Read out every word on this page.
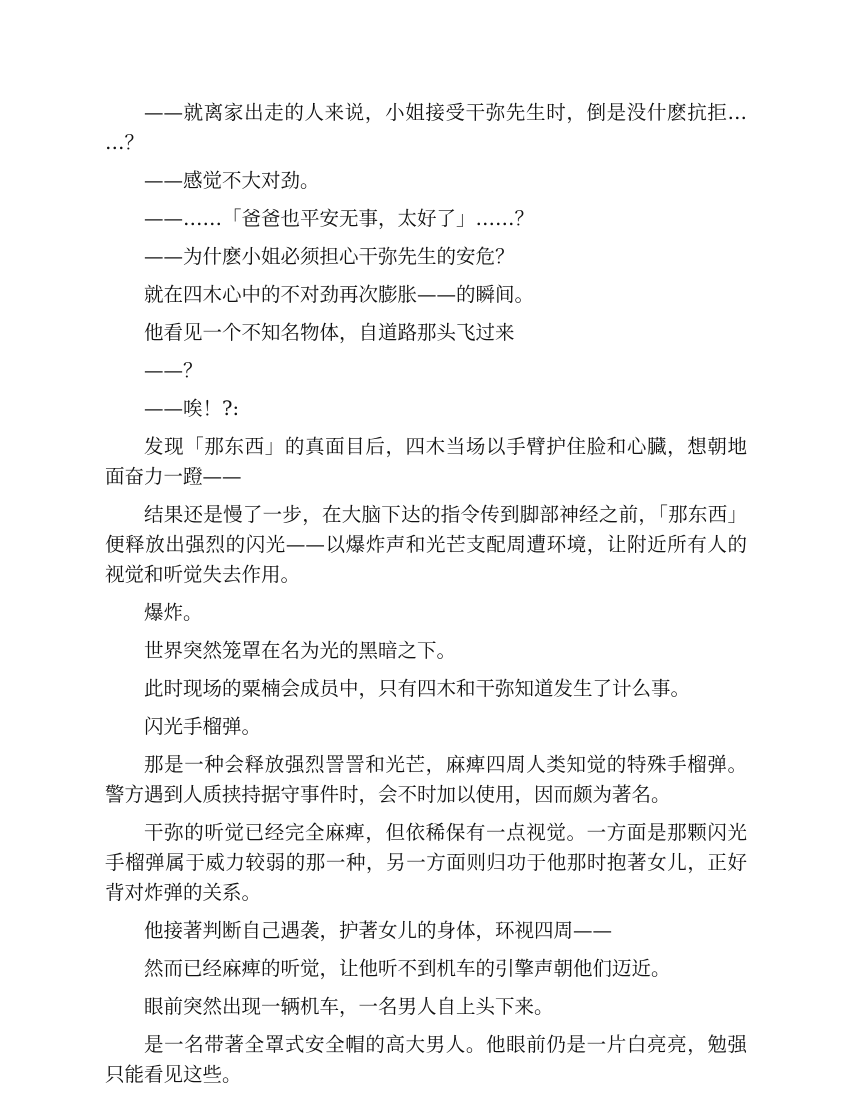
——就离家出走的人来说，小姐接受干弥先生时，倒是没什麽抗拒……？

——感觉不大对劲。

——……「爸爸也平安无事，太好了」……？

——为什麽小姐必须担心干弥先生的安危？

就在四木心中的不对劲再次膨胀——的瞬间。

他看见一个不知名物体，自道路那头飞过来

——？

——唉！?:

发现「那东西」的真面目后，四木当场以手臂护住脸和心臓，想朝地面奋力一蹬——

结果还是慢了一步，在大脑下达的指令传到脚部神经之前，「那东西」便释放出强烈的闪光——以爆炸声和光芒支配周遭环境，让附近所有人的视觉和听觉失去作用。

爆炸。

世界突然笼罩在名为光的黑暗之下。

此时现场的粟楠会成员中，只有四木和干弥知道发生了计么事。

闪光手榴弹。

那是一种会释放强烈詈詈和光芒，麻痺四周人类知觉的特殊手榴弹。警方遇到人质挟持据守事件时，会不时加以使用，因而颇为著名。

干弥的听觉已经完全麻痺，但依稀保有一点视觉。一方面是那颗闪光手榴弹属于威力较弱的那一种，另一方面则归功于他那时抱著女儿，正好背对炸弹的关系。

他接著判断自己遇袭，护著女儿的身体，环视四周——

然而已经麻痺的听觉，让他听不到机车的引擎声朝他们迈近。

眼前突然出现一辆机车，一名男人自上头下来。

是一名带著全罩式安全帽的高大男人。他眼前仍是一片白亮亮，勉强只能看见这些。
